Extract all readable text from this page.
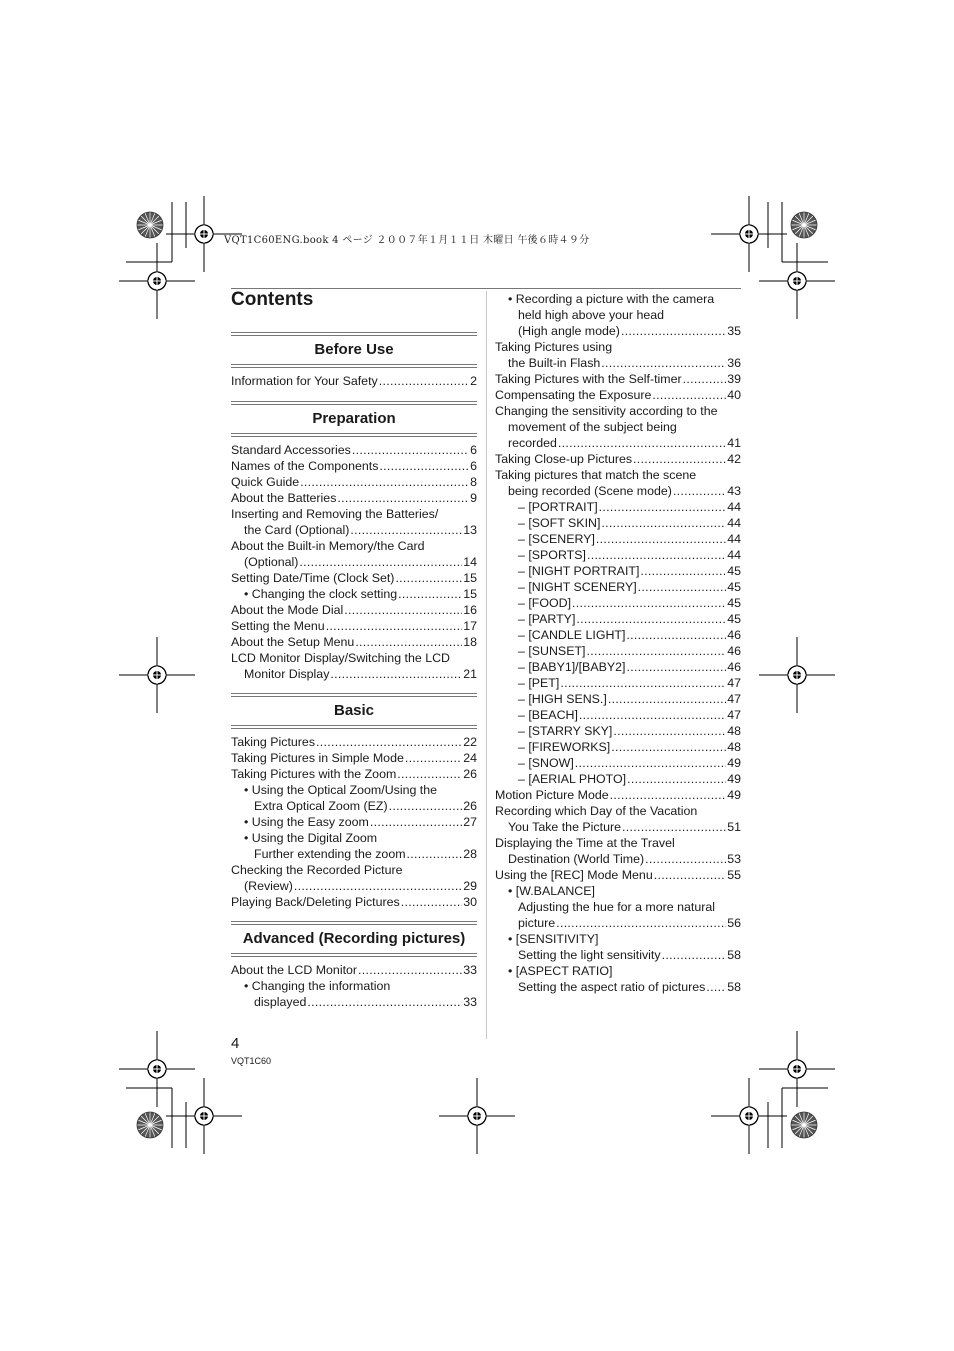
VQT1C60ENG.book 4 ページ ２００７年１月１１日 木曜日 午後６時４９分
Contents
Before Use
Information for Your Safety .....	2
Preparation
Standard Accessories .....	6
Names of the Components .....	6
Quick Guide .....	8
About the Batteries .....	9
Inserting and Removing the Batteries/
the Card (Optional) .....	13
About the Built-in Memory/the Card
(Optional) .....	14
Setting Date/Time (Clock Set) .....	15
• Changing the clock setting .....	15
About the Mode Dial .....	16
Setting the Menu .....	17
About the Setup Menu .....	18
LCD Monitor Display/Switching the LCD
Monitor Display .....	21
Basic
Taking Pictures .....	22
Taking Pictures in Simple Mode .....	24
Taking Pictures with the Zoom .....	26
• Using the Optical Zoom/Using the
Extra Optical Zoom (EZ) .....	26
• Using the Easy zoom .....	27
• Using the Digital Zoom
Further extending the zoom .....	28
Checking the Recorded Picture
(Review) .....	29
Playing Back/Deleting Pictures .....	30
Advanced (Recording pictures)
About the LCD Monitor .....	33
• Changing the information
displayed .....	33
• Recording a picture with the camera
held high above your head
(High angle mode) .....	35
Taking Pictures using
the Built-in Flash .....	36
Taking Pictures with the Self-timer .....	39
Compensating the Exposure .....	40
Changing the sensitivity according to the
movement of the subject being
recorded .....	41
Taking Close-up Pictures .....	42
Taking pictures that match the scene
being recorded (Scene mode) .....	43
– [PORTRAIT] .....	44
– [SOFT SKIN] .....	44
– [SCENERY] .....	44
– [SPORTS] .....	44
– [NIGHT PORTRAIT] .....	45
– [NIGHT SCENERY] .....	45
– [FOOD] .....	45
– [PARTY] .....	45
– [CANDLE LIGHT] .....	46
– [SUNSET] .....	46
– [BABY1]/[BABY2] .....	46
– [PET] .....	47
– [HIGH SENS.] .....	47
– [BEACH] .....	47
– [STARRY SKY] .....	48
– [FIREWORKS] .....	48
– [SNOW] .....	49
– [AERIAL PHOTO] .....	49
Motion Picture Mode .....	49
Recording which Day of the Vacation
You Take the Picture .....	51
Displaying the Time at the Travel
Destination (World Time) .....	53
Using the [REC] Mode Menu .....	55
• [W.BALANCE]
Adjusting the hue for a more natural
picture .....	56
• [SENSITIVITY]
Setting the light sensitivity .....	58
• [ASPECT RATIO]
Setting the aspect ratio of pictures ..... 58
4
VQT1C60
